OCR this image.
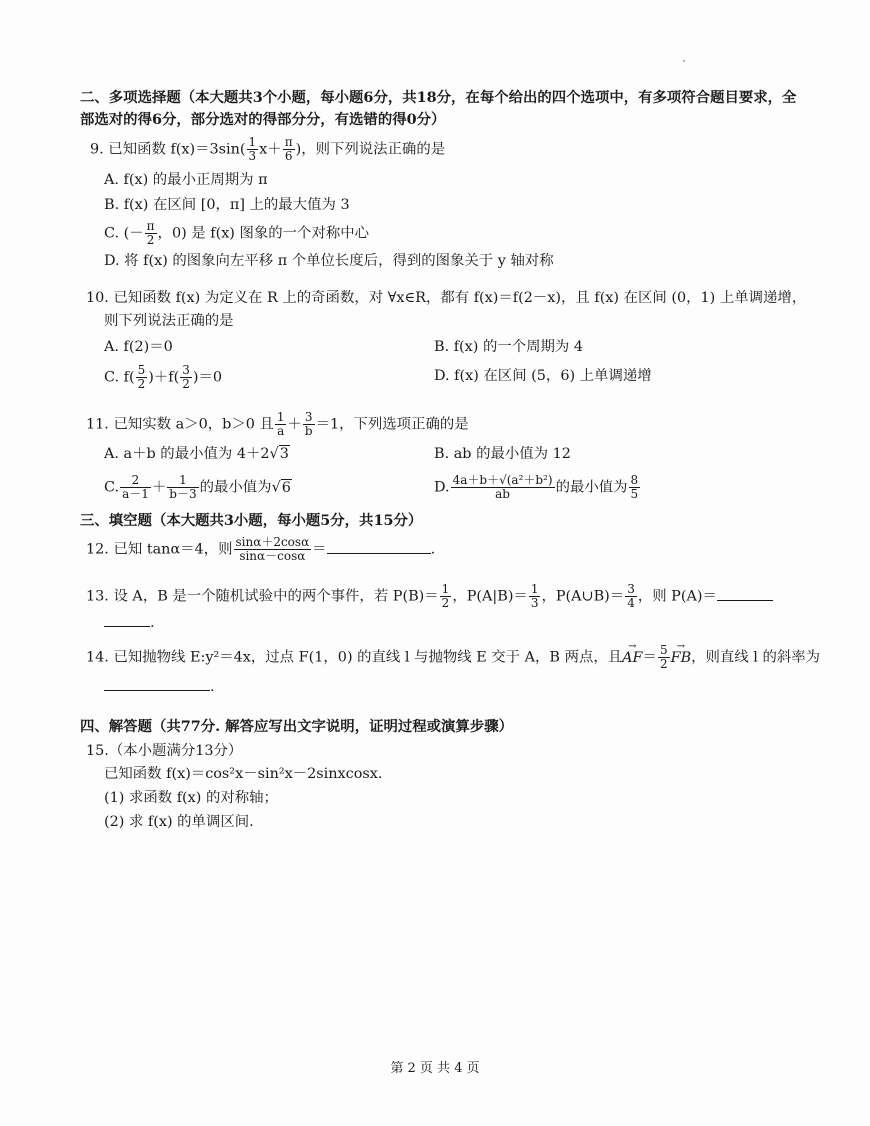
二、多项选择题（本大题共3个小题，每小题6分，共18分，在每个给出的四个选项中，有多项符合题目要求，全
部选对的得6分，部分选对的得部分分，有选错的得0分）
9. 已知函数 $f(x)=3\sin( \frac{1}{3} x+ \frac{\pi}{6}$ )，则下列说法正确的是
A. f(x) 的最小正周期为 π
B. f(x) 在区间 [0，π] 上的最大值为 3
C. (－ $\frac{\pi}{2}$ ，0) 是 f(x) 图象的一个对称中心
D. 将 f(x) 的图象向左平移 π 个单位长度后，得到的图象关于 y 轴对称
10. 已知函数 f(x) 为定义在 R 上的奇函数，对 ∀x∈R，都有 f(x)＝f(2－x)，且 f(x) 在区间 (0，1) 上单调递增，
则下列说法正确的是
A. f(2)＝0	B. f(x) 的一个周期为 4
C. $f( \frac{5}{2} )+f( \frac{3}{2} )=0$	D. f(x) 在区间 (5，6) 上单调递增
11. 已知实数 a＞0，b＞0 且 $\frac{1}{a} + \frac{3}{b} =1$，下列选项正确的是
A. a＋b 的最小值为 4＋2√3	B. ab 的最小值为 12
C. $\frac{2}{a-1} + \frac{1}{b-3}$ 的最小值为√6	D. $\frac{\text{4a＋b＋√(a²＋b²)}}{ab}$ 的最小值为 $\frac{8}{5}$
三、填空题（本大题共3小题，每小题5分，共15分）
12. 已知 tanα＝4，则 $\frac{\sin\alpha+2\cos\alpha}{\sin\alpha-\cos\alpha}$ ＝	.
13. 设 A，B 是一个随机试验中的两个事件，若 $P(B)= \frac{1}{2}$ ，$P(A|B)= \frac{1}{3}$ ，P(A∪B)＝ $\frac{3}{4}$ ，则 P(A)＝
.
14. 已知抛物线 E:y²＝4x，过点 F(1，0) 的直线 l 与抛物线 E 交于 A，B 两点，且→ $AF= \frac{5}{2}$
→ FB，则直线 l 的斜率为
.
四、解答题（共77分. 解答应写出文字说明，证明过程或演算步骤）
15.（本小题满分13分）
已知函数 f(x)＝cos²x－sin²x－2sinxcosx.
(1) 求函数 f(x) 的对称轴；
(2) 求 f(x) 的单调区间.
第 2 页 共 4 页
